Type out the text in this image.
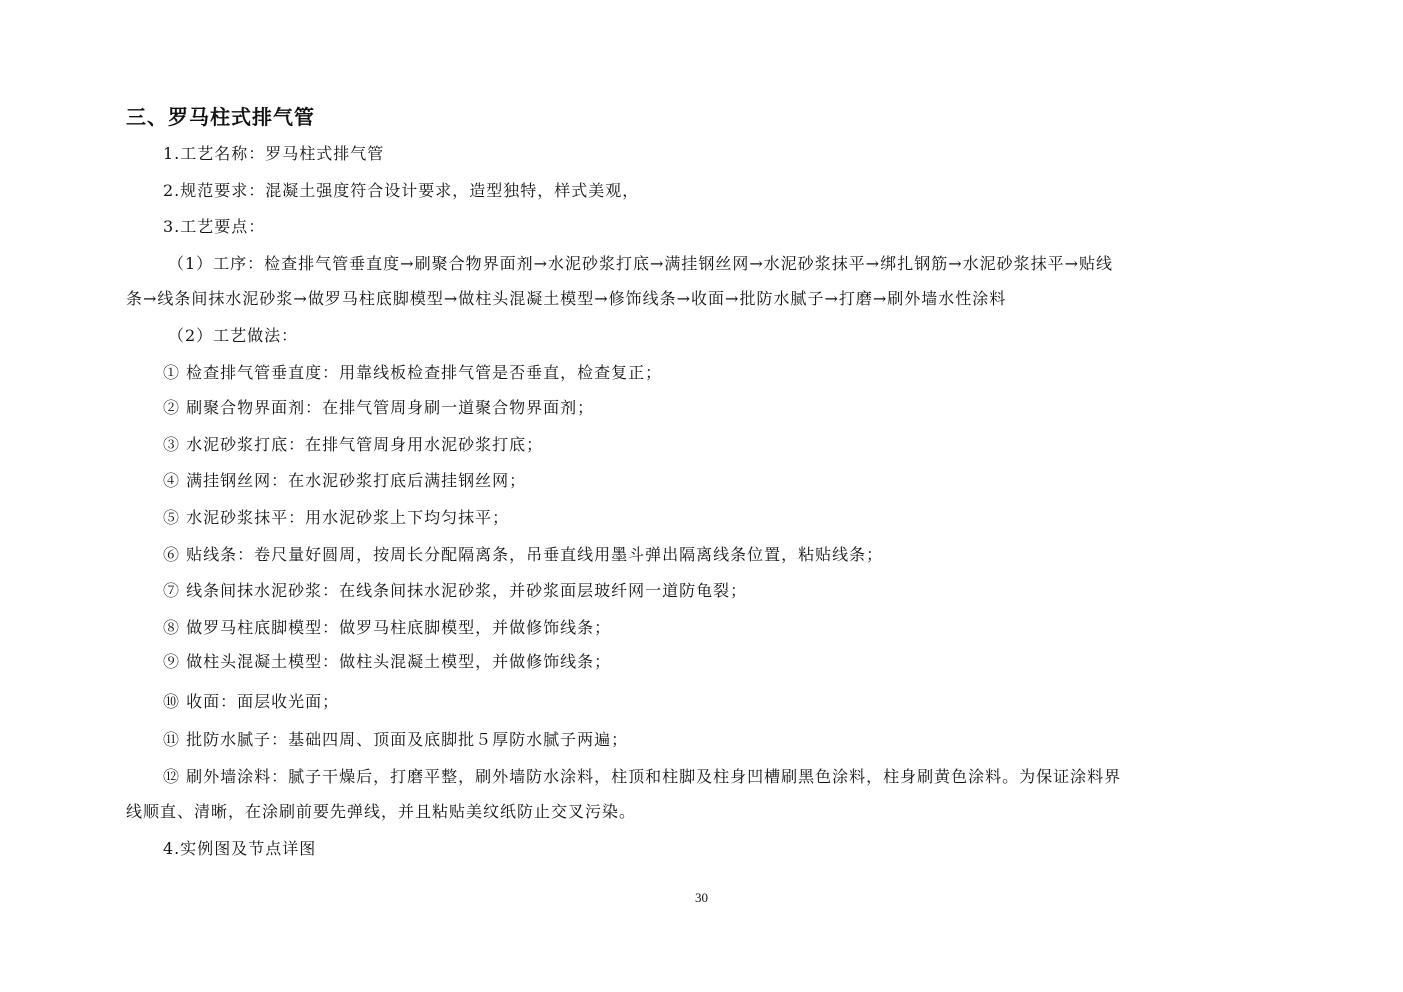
三、罗马柱式排气管
1.工艺名称：罗马柱式排气管
2.规范要求：混凝土强度符合设计要求，造型独特，样式美观，
3.工艺要点：
（1）工序：检查排气管垂直度→刷聚合物界面剂→水泥砂浆打底→满挂钢丝网→水泥砂浆抹平→绑扎钢筋→水泥砂浆抹平→贴线
条→线条间抹水泥砂浆→做罗马柱底脚模型→做柱头混凝土模型→修饰线条→收面→批防水腻子→打磨→刷外墙水性涂料
（2）工艺做法：
① 检查排气管垂直度：用靠线板检查排气管是否垂直，检查复正；
② 刷聚合物界面剂：在排气管周身刷一道聚合物界面剂；
③ 水泥砂浆打底：在排气管周身用水泥砂浆打底；
④ 满挂钢丝网：在水泥砂浆打底后满挂钢丝网；
⑤ 水泥砂浆抹平：用水泥砂浆上下均匀抹平；
⑥ 贴线条：卷尺量好圆周，按周长分配隔离条，吊垂直线用墨斗弹出隔离线条位置，粘贴线条；
⑦ 线条间抹水泥砂浆：在线条间抹水泥砂浆，并砂浆面层玻纤网一道防龟裂；
⑧ 做罗马柱底脚模型：做罗马柱底脚模型，并做修饰线条；
⑨ 做柱头混凝土模型：做柱头混凝土模型，并做修饰线条；
⑩ 收面：面层收光面；
⑪ 批防水腻子：基础四周、顶面及底脚批５厚防水腻子两遍；
⑫ 刷外墙涂料：腻子干燥后，打磨平整，刷外墙防水涂料，柱顶和柱脚及柱身凹槽刷黑色涂料，柱身刷黄色涂料。为保证涂料界
线顺直、清晰，在涂刷前要先弹线，并且粘贴美纹纸防止交叉污染。
4.实例图及节点详图
30
